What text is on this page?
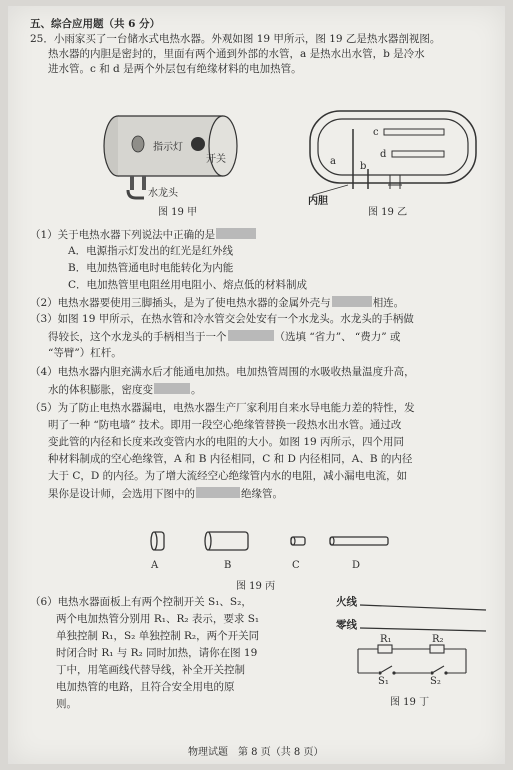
五、综合应用题（共 6 分）
25．小雨家买了一台储水式电热水器。外观如图 19 甲所示，图 19 乙是热水器剖视图。
热水器的内胆是密封的，里面有两个通到外部的水管，a 是热水出水管，b 是冷水
进水管。c 和 d 是两个外层包有绝缘材料的电加热管。
指示灯
开关
水龙头
图 19 甲
a b
c
d
内胆
图 19 乙
（1）关于电热水器下列说法中正确的是
A．电源指示灯发出的红光是红外线
B．电加热管通电时电能转化为内能
C．电加热管里电阻丝用电阻小、熔点低的材料制成
（2）电热水器要使用三脚插头，是为了使电热水器的金属外壳与	相连。
（3）如图 19 甲所示，在热水管和冷水管交会处安有一个水龙头。水龙头的手柄做
得较长，这个水龙头的手柄相当于一个	（选填 “省力”、 “费力” 或
“等臂”）杠杆。
（4）电热水器内胆充满水后才能通电加热。电加热管周围的水吸收热量温度升高，
水的体积膨胀，密度变	。
（5）为了防止电热水器漏电，电热水器生产厂家利用自来水导电能力差的特性，发
明了一种 “防电墙” 技术。即用一段空心绝缘管替换一段热水出水管。通过改
变此管的内径和长度来改变管内水的电阻的大小。如图 19 丙所示，四个用同
种材料制成的空心绝缘管，A 和 B 内径相同，C 和 D 内径相同，A、B 的内径
大于 C，D 的内径。为了增大流经空心绝缘管内水的电阻，减小漏电电流，如
果你是设计师，会选用下图中的	绝缘管。
A	B	C	D
图 19 丙
（6）电热水器面板上有两个控制开关 S₁、S₂，
两个电加热管分别用 R₁、R₂ 表示，要求 S₁
单独控制 R₁，S₂ 单独控制 R₂，两个开关同
时闭合时 R₁ 与 R₂ 同时加热，请你在图 19
丁中，用笔画线代替导线，补全开关控制
电加热管的电路，且符合安全用电的原
则。
火线
零线
R₁	R₂
S₁	S₂
图 19 丁
物理试题　第 8 页（共 8 页）
